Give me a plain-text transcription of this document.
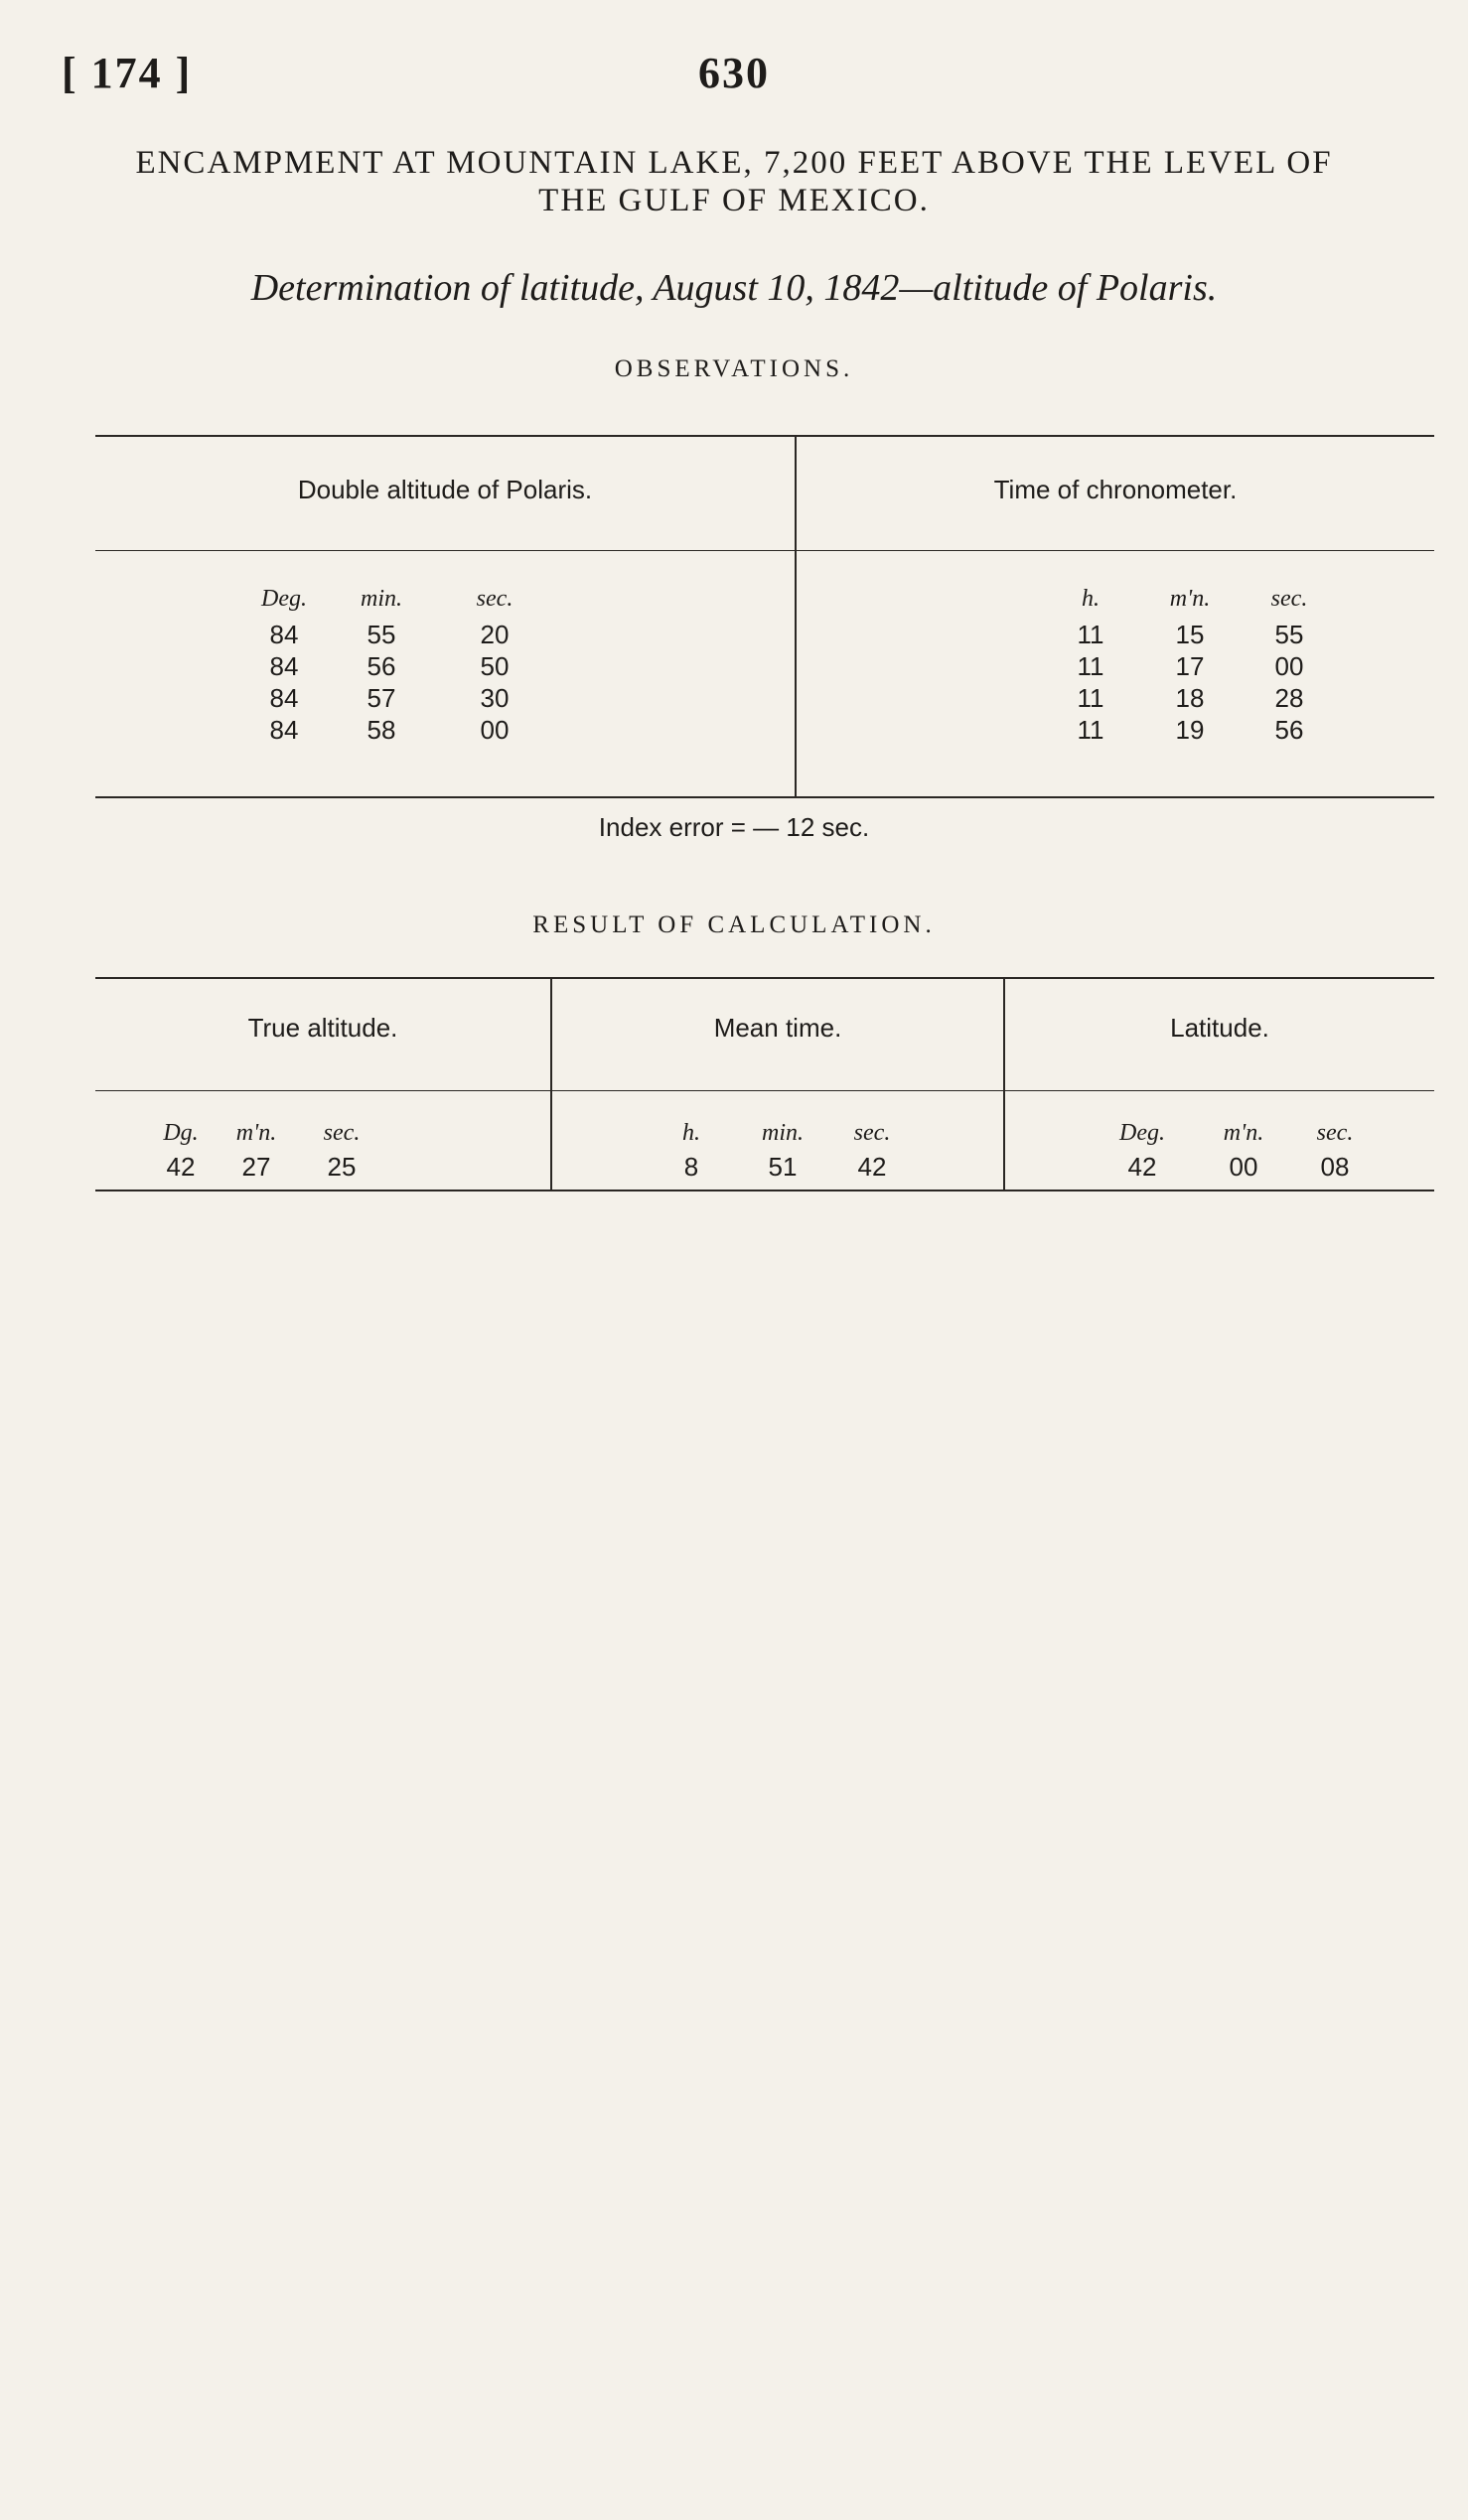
[ 174 ]	630
ENCAMPMENT AT MOUNTAIN LAKE, 7,200 FEET ABOVE THE LEVEL OF
THE GULF OF MEXICO.
Determination of latitude, August 10, 1842—altitude of Polaris.
OBSERVATIONS.
Double altitude of Polaris.	Time of chronometer.
Deg.	min.	sec.	h.	m'n.	sec.
84	55	20	11	15	55
84	56	50	11	17	00
84	57	30	11	18	28
84	58	00	11	19	56
Index error = — 12 sec.
RESULT OF CALCULATION.
True altitude.	Mean time.	Latitude.
Dg.	m'n.	sec.	h.	min.	sec.	Deg.	m'n.	sec.
42	27	25	8	51	42	42	00	08
